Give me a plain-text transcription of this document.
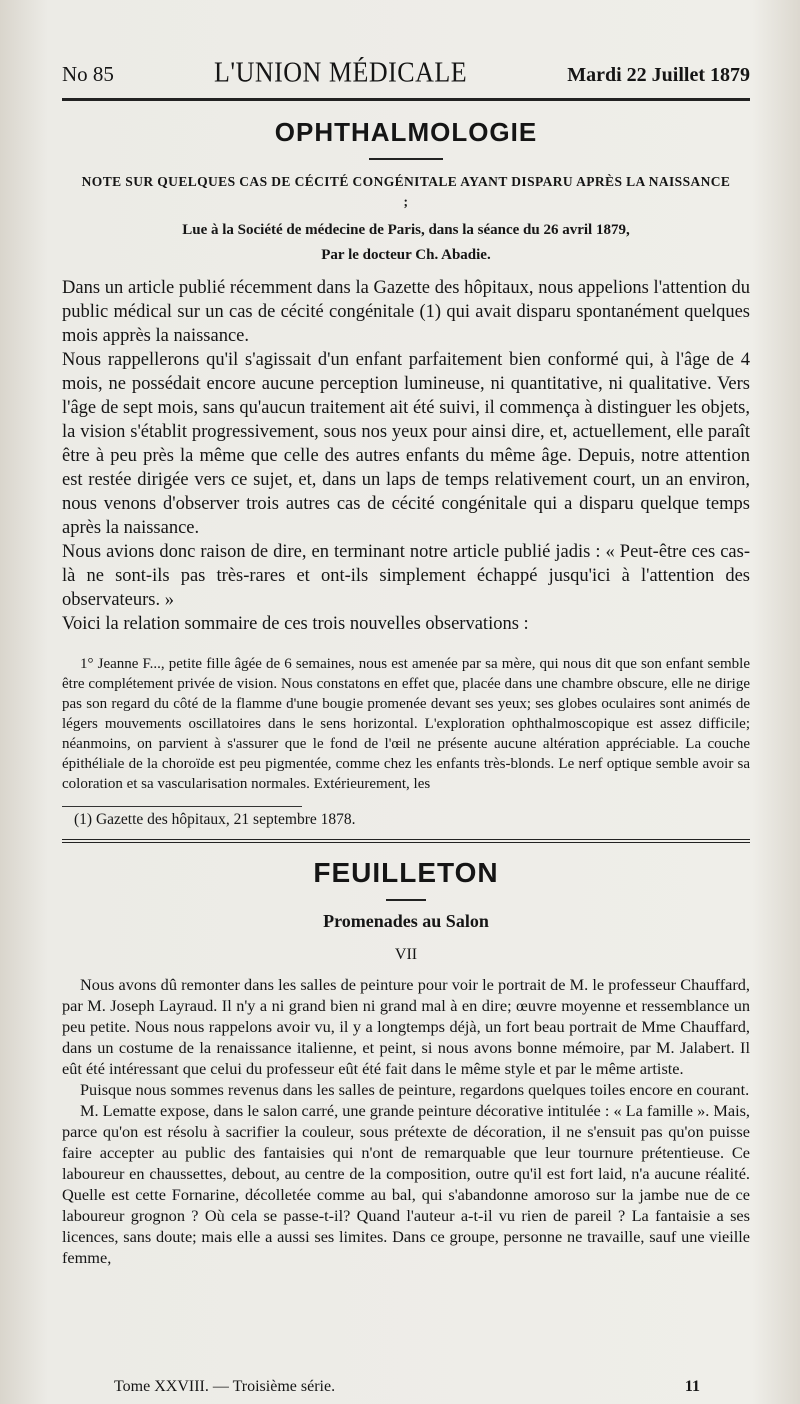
No 85	L'UNION MÉDICALE	Mardi 22 Juillet 1879
OPHTHALMOLOGIE
NOTE SUR QUELQUES CAS DE CÉCITÉ CONGÉNITALE AYANT DISPARU APRÈS LA NAISSANCE ;
Lue à la Société de médecine de Paris, dans la séance du 26 avril 1879,
Par le docteur Ch. Abadie.

Dans un article publié récemment dans la Gazette des hôpitaux, nous appelions l'attention du public médical sur un cas de cécité congénitale (1) qui avait disparu spontanément quelques mois apprès la naissance.

Nous rappellerons qu'il s'agissait d'un enfant parfaitement bien conformé qui, à l'âge de 4 mois, ne possédait encore aucune perception lumineuse, ni quantitative, ni qualitative. Vers l'âge de sept mois, sans qu'aucun traitement ait été suivi, il commença à distinguer les objets, la vision s'établit progressivement, sous nos yeux pour ainsi dire, et, actuellement, elle paraît être à peu près la même que celle des autres enfants du même âge. Depuis, notre attention est restée dirigée vers ce sujet, et, dans un laps de temps relativement court, un an environ, nous venons d'observer trois autres cas de cécité congénitale qui a disparu quelque temps après la naissance.

Nous avions donc raison de dire, en terminant notre article publié jadis : « Peut-être ces cas-là ne sont-ils pas très-rares et ont-ils simplement échappé jusqu'ici à l'attention des observateurs. »

Voici la relation sommaire de ces trois nouvelles observations :

1° Jeanne F..., petite fille âgée de 6 semaines, nous est amenée par sa mère, qui nous dit que son enfant semble être complétement privée de vision. Nous constatons en effet que, placée dans une chambre obscure, elle ne dirige pas son regard du côté de la flamme d'une bougie promenée devant ses yeux; ses globes oculaires sont animés de légers mouvements oscillatoires dans le sens horizontal. L'exploration ophthalmoscopique est assez difficile; néanmoins, on parvient à s'assurer que le fond de l'œil ne présente aucune altération appréciable. La couche épithéliale de la choroïde est peu pigmentée, comme chez les enfants très-blonds. Le nerf optique semble avoir sa coloration et sa vascularisation normales. Extérieurement, les

(1) Gazette des hôpitaux, 21 septembre 1878.
FEUILLETON
Promenades au Salon
VII

Nous avons dû remonter dans les salles de peinture pour voir le portrait de M. le professeur Chauffard, par M. Joseph Layraud. Il n'y a ni grand bien ni grand mal à en dire; œuvre moyenne et ressemblance un peu petite. Nous nous rappelons avoir vu, il y a longtemps déjà, un fort beau portrait de Mme Chauffard, dans un costume de la renaissance italienne, et peint, si nous avons bonne mémoire, par M. Jalabert. Il eût été intéressant que celui du professeur eût été fait dans le même style et par le même artiste.

Puisque nous sommes revenus dans les salles de peinture, regardons quelques toiles encore en courant.

M. Lematte expose, dans le salon carré, une grande peinture décorative intitulée : « La famille ». Mais, parce qu'on est résolu à sacrifier la couleur, sous prétexte de décoration, il ne s'ensuit pas qu'on puisse faire accepter au public des fantaisies qui n'ont de remarquable que leur tournure prétentieuse. Ce laboureur en chaussettes, debout, au centre de la composition, outre qu'il est fort laid, n'a aucune réalité. Quelle est cette Fornarine, décolletée comme au bal, qui s'abandonne amoroso sur la jambe nue de ce laboureur grognon ? Où cela se passe-t-il? Quand l'auteur a-t-il vu rien de pareil ? La fantaisie a ses licences, sans doute; mais elle a aussi ses limites. Dans ce groupe, personne ne travaille, sauf une vieille femme,

Tome XXVIII. — Troisième série.	11
